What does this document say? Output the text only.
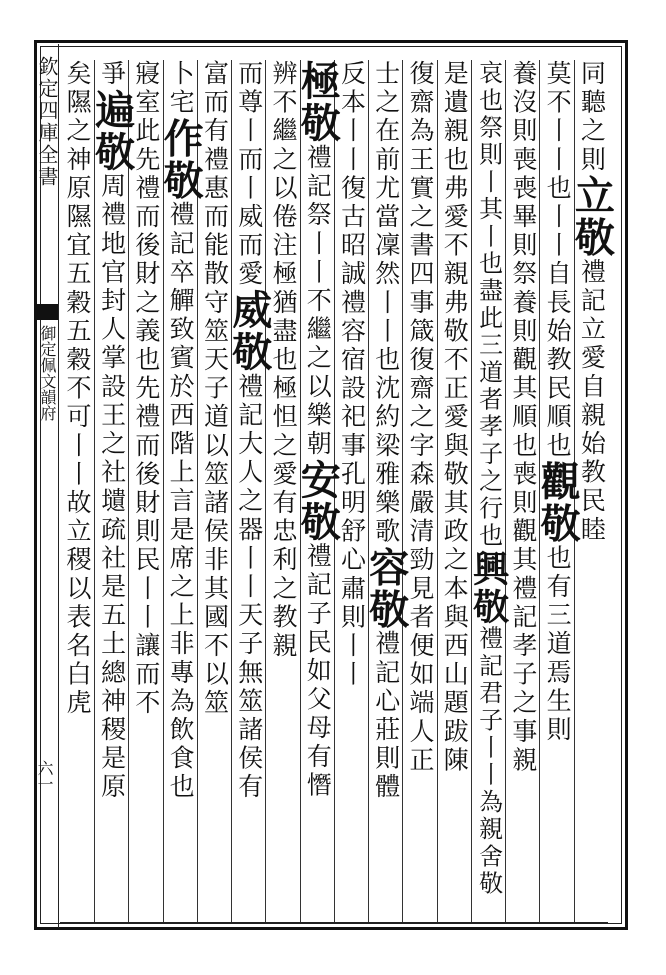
欽定四庫全書
御定佩文韻府
六一
同聽之則立敬禮記立愛自親始教民睦
莫不丨丨也丨丨自長始教民順也觀敬也有三道焉生則
養沒則喪喪畢則祭養則觀其順也喪則觀其禮記孝子之事親
哀也祭則丨其丨也盡此三道者孝子之行也興敬禮記君子丨丨為親舍敬
是遺親也弗愛不親弗敬不正愛與敬其政之本與西山題跋陳
復齋為王實之書四事箴復齋之字森嚴清勁見者便如端人正
士之在前尤當凜然丨丨也沈約梁雅樂歌容敬禮記心莊則體
反本丨丨復古昭誠禮容宿設祀事孔明舒心肅則丨丨
極敬禮記祭丨丨不繼之以樂朝安敬禮記子民如父母有憯
辨不繼之以倦注極猶盡也極怛之愛有忠利之教親
而尊丨而丨威而愛威敬禮記大人之器丨丨天子無筮諸侯有
富而有禮惠而能散守筮天子道以筮諸侯非其國不以筮
卜宅作敬禮記卒觶致賓於西階上言是席之上非專為飲食也
寢室此先禮而後財之義也先禮而後財則民丨丨讓而不
爭遍敬周禮地官封人掌設王之社壝疏社是五土總神稷是原
矣隰之神原隰宜五穀五穀不可丨丨故立稷以表名白虎
